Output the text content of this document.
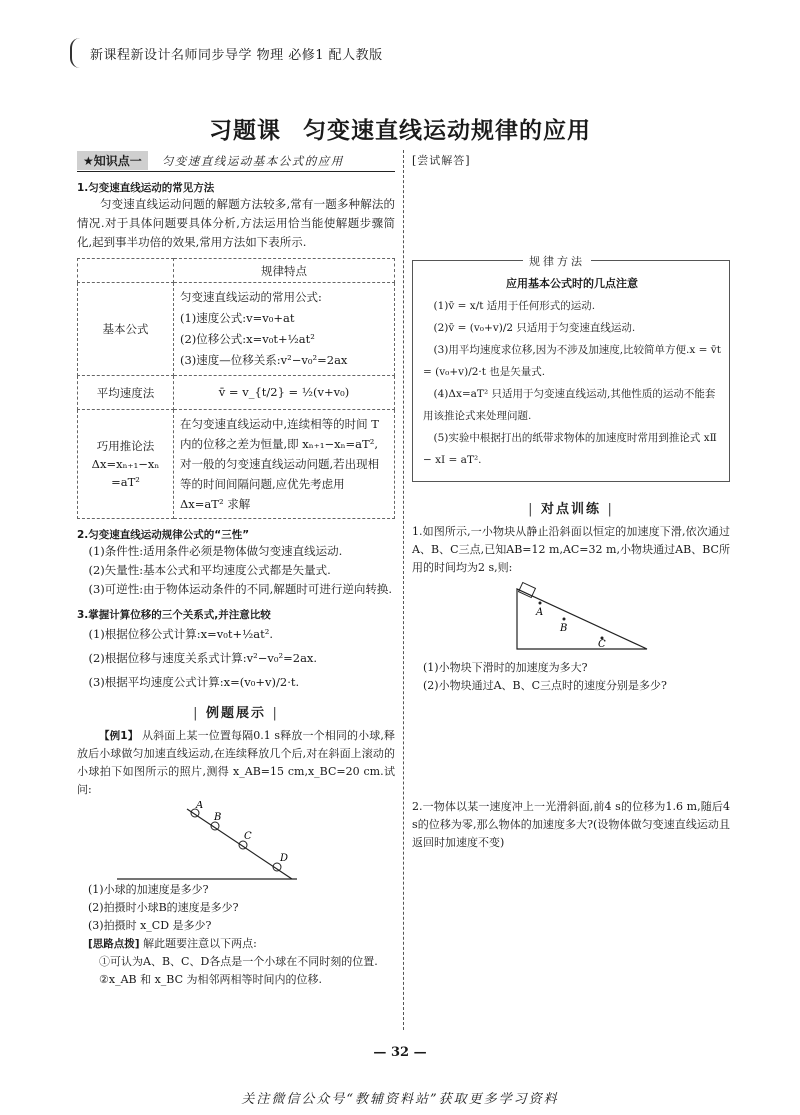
新课程新设计名师同步导学 物理 必修1 配人教版
习题课 匀变速直线运动规律的应用
★知识点一	匀变速直线运动基本公式的应用
1.匀变速直线运动的常见方法
匀变速直线运动问题的解题方法较多,常有一题多种解法的情况.对于具体问题要具体分析,方法运用恰当能使解题步骤简化,起到事半功倍的效果,常用方法如下表所示.
	规律特点
基本公式	匀变速直线运动的常用公式:
(1)速度公式:v=v₀+at
(2)位移公式:x=v₀t+½at²
(3)速度—位移关系:v²−v₀²=2ax

平均速度法	v̄ = v_{t/2} = ½(v+v₀)

巧用推论法
Δx=xₙ₊₁−xₙ
=aT²	在匀变速直线运动中,连续相等的时间 T 内的位移之差为恒量,即 xₙ₊₁−xₙ=aT²,对一般的匀变速直线运动问题,若出现相等的时间间隔问题,应优先考虑用 Δx=aT² 求解
2.匀变速直线运动规律公式的“三性”
(1)条件性:适用条件必须是物体做匀变速直线运动.
(2)矢量性:基本公式和平均速度公式都是矢量式.
(3)可逆性:由于物体运动条件的不同,解题时可进行逆向转换.
3.掌握计算位移的三个关系式,并注意比较
(1)根据位移公式计算:x=v₀t+½at².
(2)根据位移与速度关系式计算:v²−v₀²=2ax.
(3)根据平均速度公式计算:x=(v₀+v)/2·t.
| 例题展示 |
【例1】 从斜面上某一位置每隔0.1 s释放一个相同的小球,释放后小球做匀加速直线运动,在连续释放几个后,对在斜面上滚动的小球拍下如图所示的照片,测得 x_AB=15 cm,x_BC=20 cm.试问:
A
B
C
D
(1)小球的加速度是多少?
(2)拍摄时小球B的速度是多少?
(3)拍摄时 x_CD 是多少?
[思路点拨] 解此题要注意以下两点:
①可认为A、B、C、D各点是一个小球在不同时刻的位置.
②x_AB 和 x_BC 为相邻两相等时间内的位移.
[尝试解答]
规律方法
应用基本公式时的几点注意
(1)v̄ = x/t 适用于任何形式的运动.
(2)v̄ = (v₀+v)/2 只适用于匀变速直线运动.
(3)用平均速度求位移,因为不涉及加速度,比较简单方便.x = v̄t = (v₀+v)/2·t 也是矢量式.
(4)Δx=aT² 只适用于匀变速直线运动,其他性质的运动不能套用该推论式来处理问题.
(5)实验中根据打出的纸带求物体的加速度时常用到推论式 xⅡ − xⅠ = aT².
| 对点训练 |
1.如图所示,一小物块从静止沿斜面以恒定的加速度下滑,依次通过A、B、C三点,已知AB=12 m,AC=32 m,小物块通过AB、BC所用的时间均为2 s,则:
A
B
C
(1)小物块下滑时的加速度为多大?
(2)小物块通过A、B、C三点时的速度分别是多少?
2.一物体以某一速度冲上一光滑斜面,前4 s的位移为1.6 m,随后4 s的位移为零,那么物体的加速度多大?(设物体做匀变速直线运动且返回时加速度不变)
— 32 —
关注微信公众号“教辅资料站”获取更多学习资料
